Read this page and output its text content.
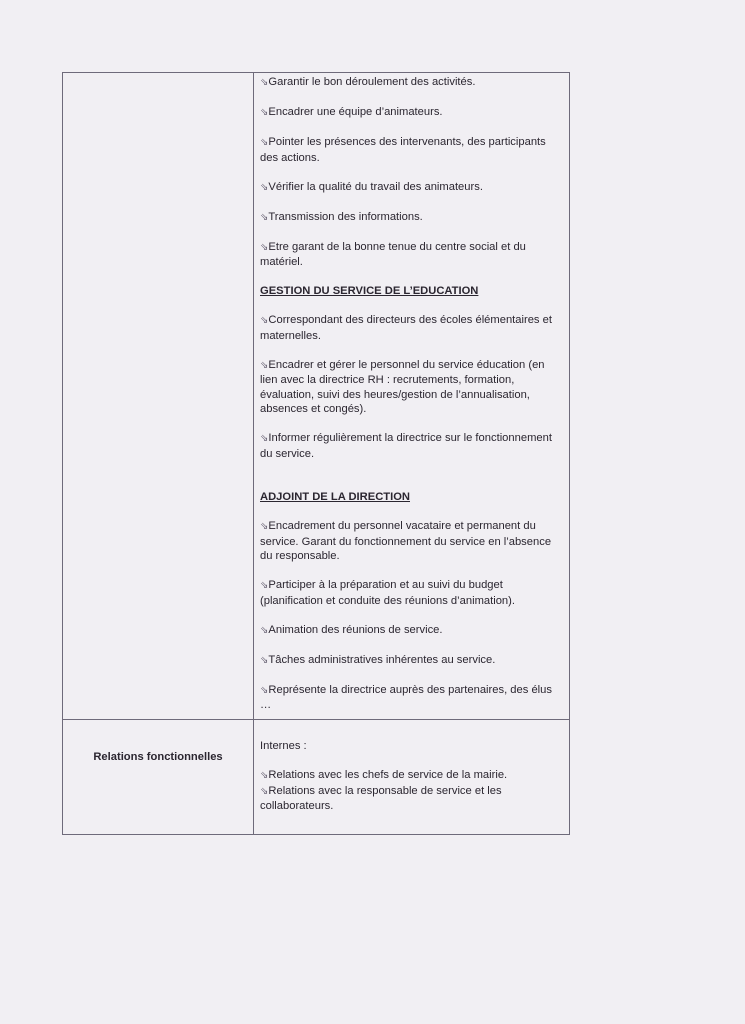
⇘ Garantir le bon déroulement des activités.

⇘ Encadrer une équipe d’animateurs.

⇘ Pointer les présences des intervenants, des participants des actions.

⇘ Vérifier la qualité du travail des animateurs.

⇘ Transmission des informations.

⇘ Etre garant de la bonne tenue du centre social et du matériel.

GESTION DU SERVICE DE L’EDUCATION

⇘ Correspondant des directeurs des écoles élémentaires et maternelles.

⇘ Encadrer et gérer le personnel du service éducation (en lien avec la directrice RH : recrutements, formation, évaluation, suivi des heures/gestion de l’annualisation, absences et congés).

⇘ Informer régulièrement la directrice sur le fonctionnement du service.

ADJOINT DE LA DIRECTION

⇘ Encadrement du personnel vacataire et permanent du service. Garant du fonctionnement du service en l’absence du responsable.

⇘ Participer à la préparation et au suivi du budget (planification et conduite des réunions d’animation).

⇘ Animation des réunions de service.

⇘ Tâches administratives inhérentes au service.

⇘ Représente la directrice auprès des partenaires, des élus …

Relations fonctionnelles

Internes :

⇘ Relations avec les chefs de service de la mairie.

⇘ Relations avec la responsable de service et les collaborateurs.
